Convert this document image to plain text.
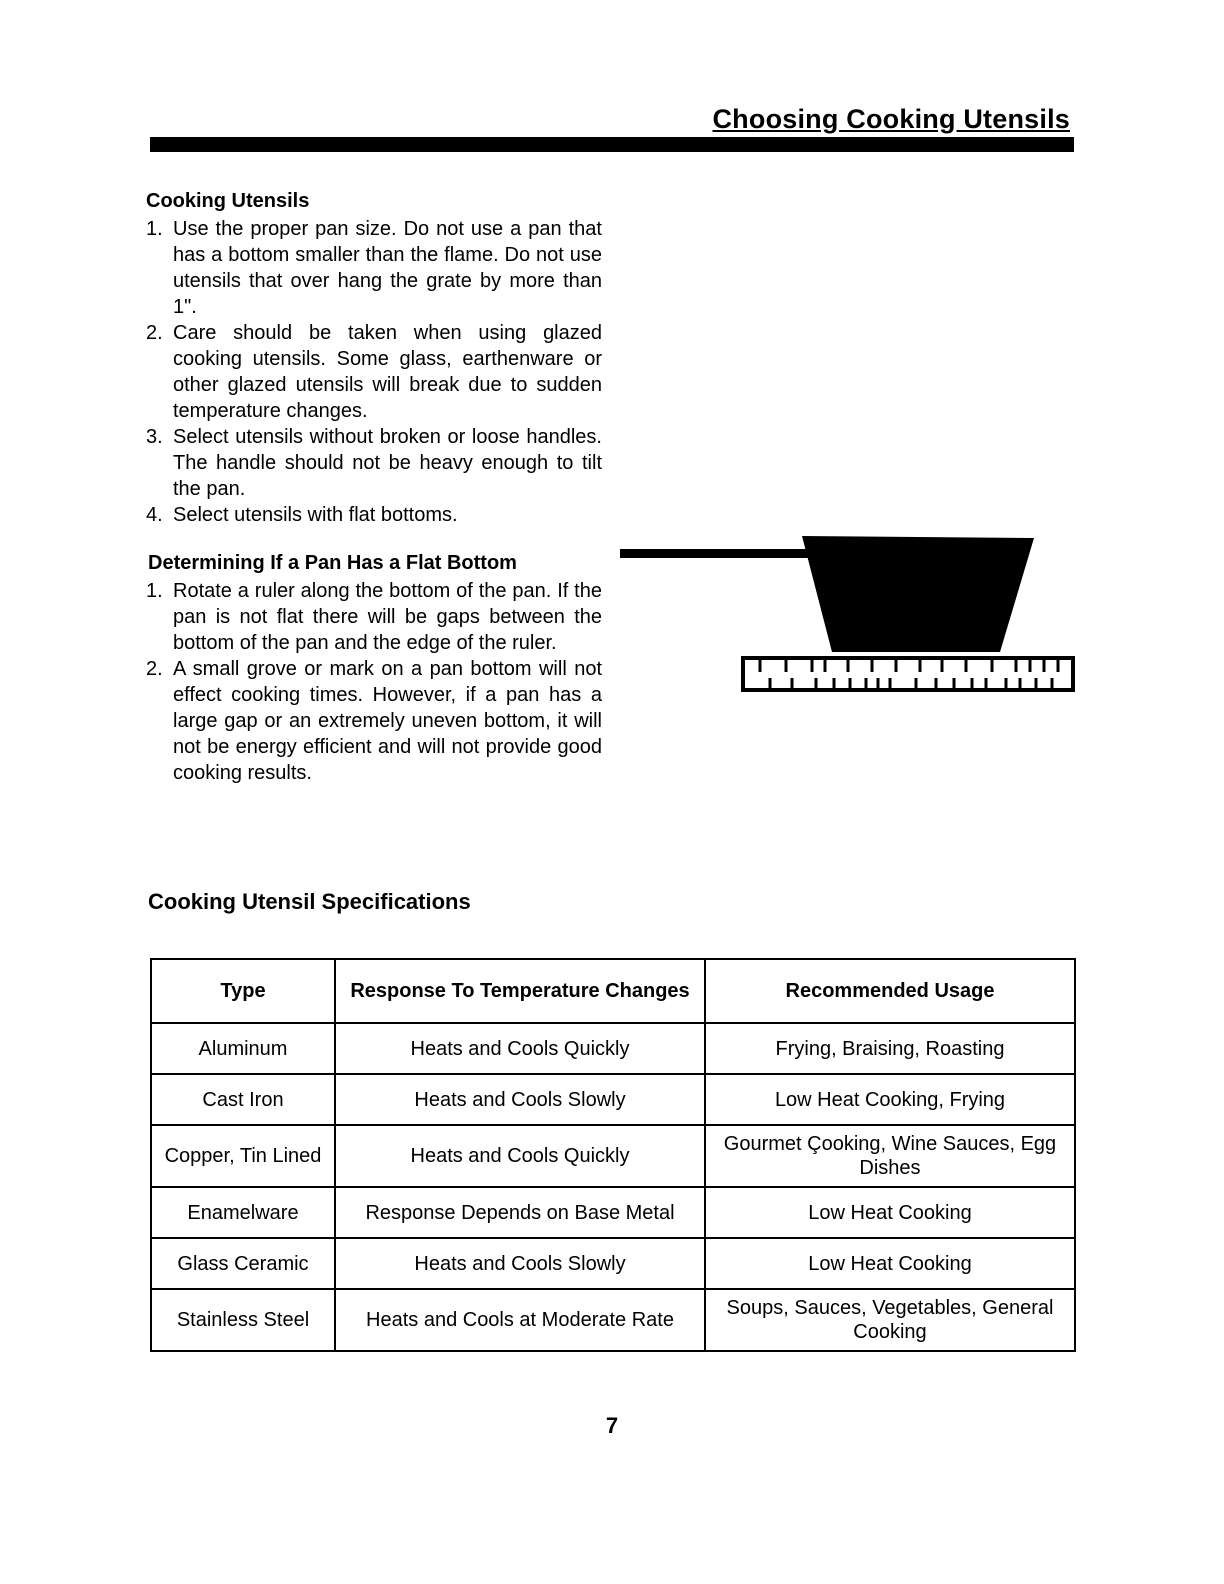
Choosing Cooking Utensils
Cooking Utensils
1. Use the proper pan size. Do not use a pan that has a bottom smaller than the flame. Do not use utensils that over hang the grate by more than 1".
2. Care should be taken when using glazed cooking utensils. Some glass, earthenware or other glazed utensils will break due to sudden temperature changes.
3. Select utensils without broken or loose handles. The handle should not be heavy enough to tilt the pan.
4. Select utensils with flat bottoms.
Determining If a Pan Has a Flat Bottom
1. Rotate a ruler along the bottom of the pan. If the pan is not flat there will be gaps between the bottom of the pan and the edge of the ruler.
2. A small grove or mark on a pan bottom will not effect cooking times. However, if a pan has a large gap or an extremely uneven bottom, it will not be energy efficient and will not provide good cooking results.
Cooking Utensil Specifications
Type	Response To Temperature Changes	Recommended Usage
Aluminum	Heats and Cools Quickly	Frying, Braising, Roasting
Cast Iron	Heats and Cools Slowly	Low Heat Cooking, Frying
Copper, Tin Lined	Heats and Cools Quickly	Gourmet Çooking, Wine Sauces, Egg Dishes
Enamelware	Response Depends on Base Metal	Low Heat Cooking
Glass Ceramic	Heats and Cools Slowly	Low Heat Cooking
Stainless Steel	Heats and Cools at Moderate Rate	Soups, Sauces, Vegetables, General Cooking
7
